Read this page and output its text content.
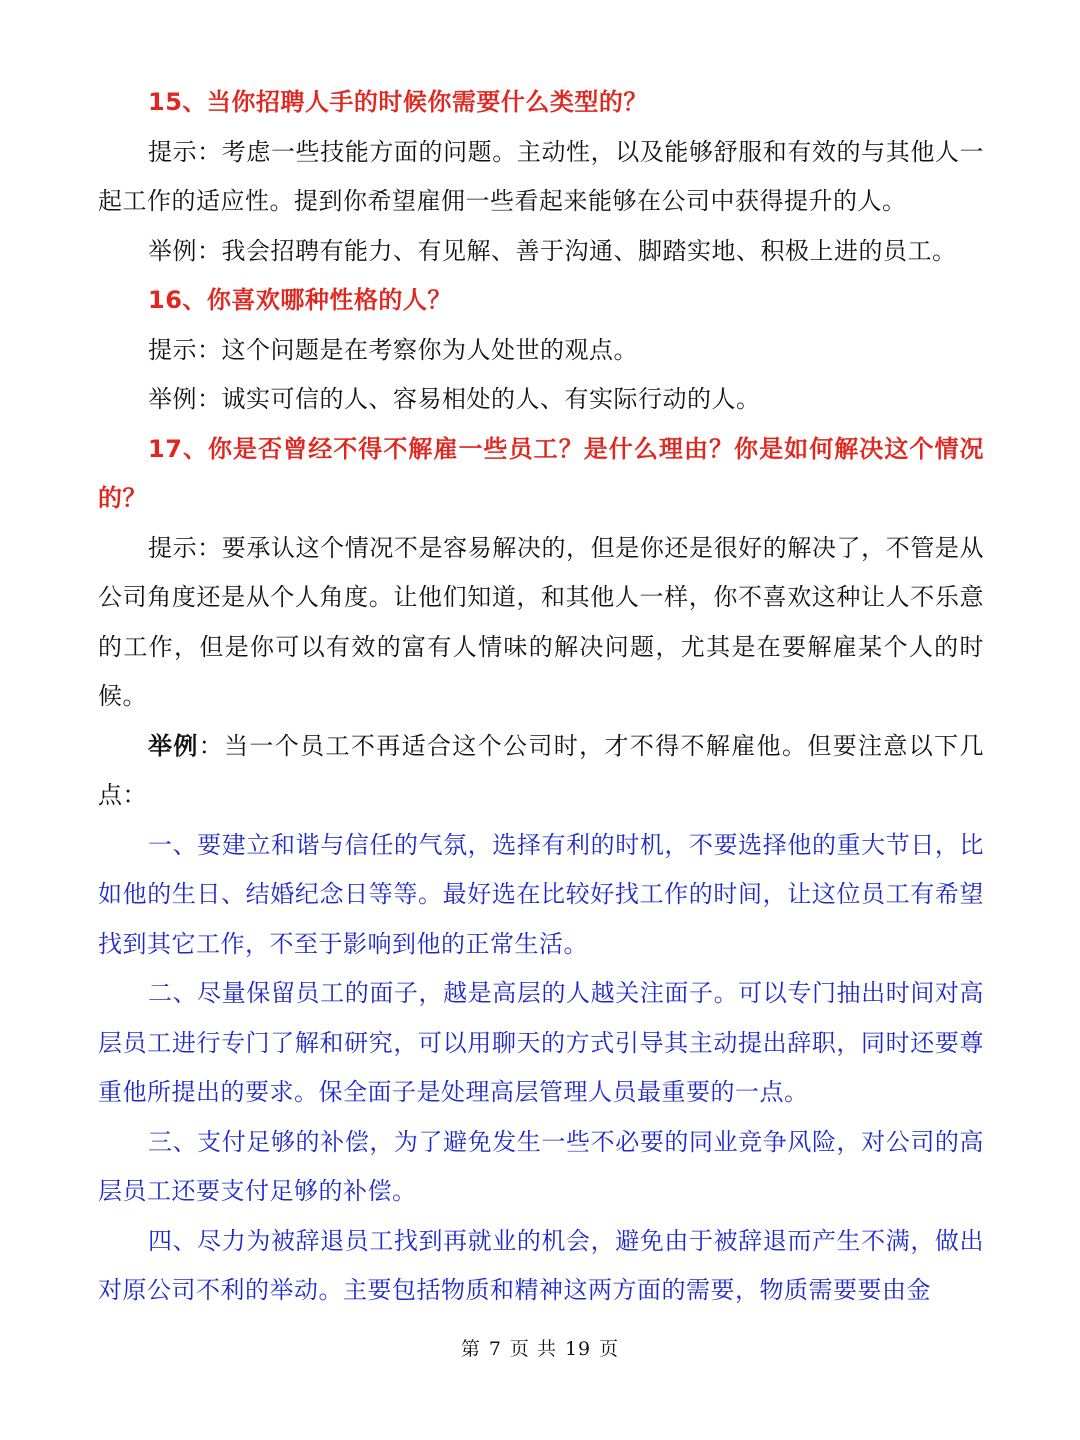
15、当你招聘人手的时候你需要什么类型的？

提示：考虑一些技能方面的问题。主动性，以及能够舒服和有效的与其他人一起工作的适应性。提到你希望雇佣一些看起来能够在公司中获得提升的人。

举例：我会招聘有能力、有见解、善于沟通、脚踏实地、积极上进的员工。

16、你喜欢哪种性格的人？

提示：这个问题是在考察你为人处世的观点。

举例：诚实可信的人、容易相处的人、有实际行动的人。

17、你是否曾经不得不解雇一些员工？是什么理由？你是如何解决这个情况的？

提示：要承认这个情况不是容易解决的，但是你还是很好的解决了，不管是从公司角度还是从个人角度。让他们知道，和其他人一样，你不喜欢这种让人不乐意的工作，但是你可以有效的富有人情味的解决问题，尤其是在要解雇某个人的时候。

举例：当一个员工不再适合这个公司时，才不得不解雇他。但要注意以下几点：

一、要建立和谐与信任的气氛，选择有利的时机，不要选择他的重大节日，比如他的生日、结婚纪念日等等。最好选在比较好找工作的时间，让这位员工有希望找到其它工作，不至于影响到他的正常生活。

二、尽量保留员工的面子，越是高层的人越关注面子。可以专门抽出时间对高层员工进行专门了解和研究，可以用聊天的方式引导其主动提出辞职，同时还要尊重他所提出的要求。保全面子是处理高层管理人员最重要的一点。

三、支付足够的补偿，为了避免发生一些不必要的同业竞争风险，对公司的高层员工还要支付足够的补偿。

四、尽力为被辞退员工找到再就业的机会，避免由于被辞退而产生不满，做出对原公司不利的举动。主要包括物质和精神这两方面的需要，物质需要要由金

第 7 页 共 19 页
